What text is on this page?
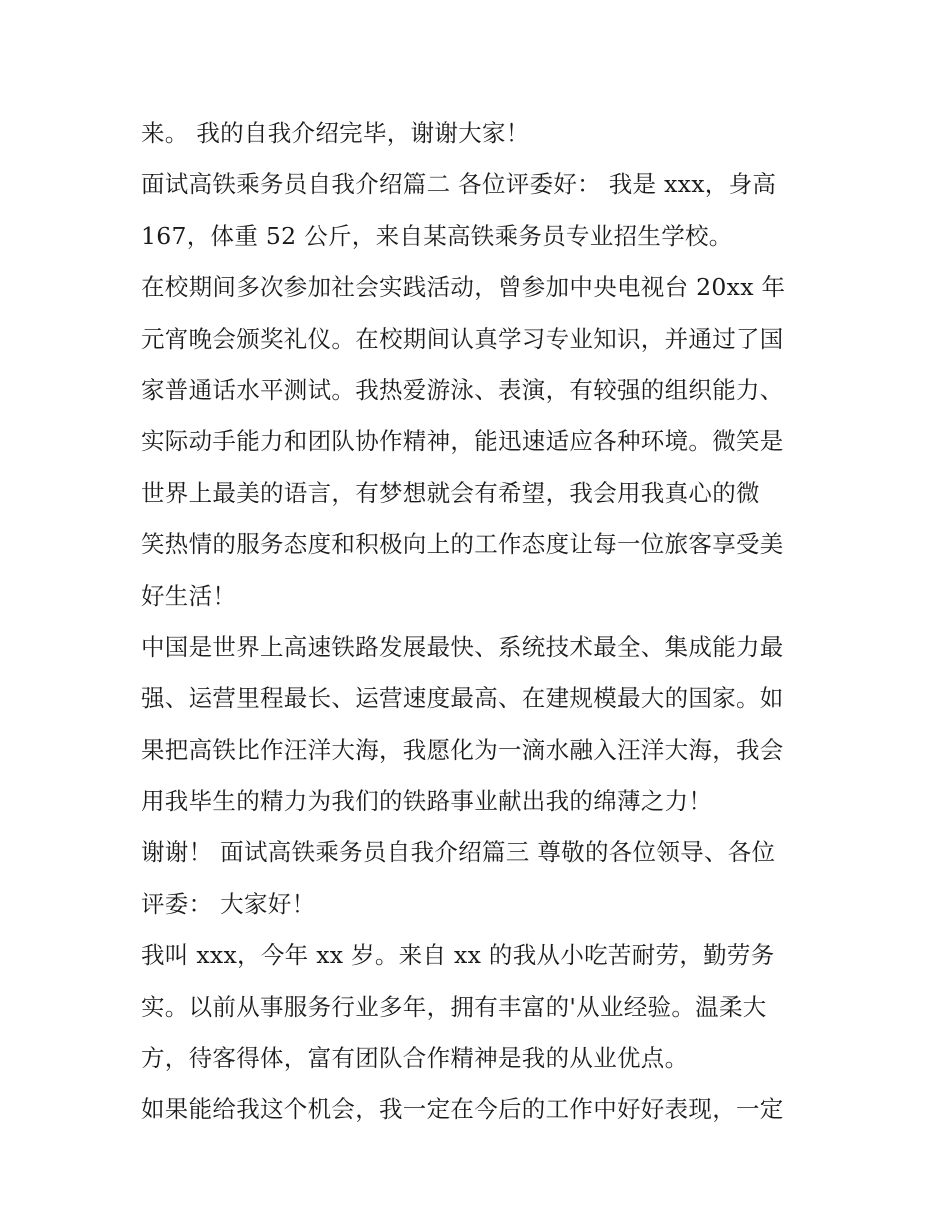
来。 我的自我介绍完毕，谢谢大家！
面试高铁乘务员自我介绍篇二 各位评委好： 我是 xxx，身高
167，体重 52 公斤，来自某高铁乘务员专业招生学校。
在校期间多次参加社会实践活动，曾参加中央电视台 20xx 年
元宵晚会颁奖礼仪。在校期间认真学习专业知识，并通过了国
家普通话水平测试。我热爱游泳、表演，有较强的组织能力、
实际动手能力和团队协作精神，能迅速适应各种环境。微笑是
世界上最美的语言，有梦想就会有希望，我会用我真心的微
笑热情的服务态度和积极向上的工作态度让每一位旅客享受美
好生活！
中国是世界上高速铁路发展最快、系统技术最全、集成能力最
强、运营里程最长、运营速度最高、在建规模最大的国家。如
果把高铁比作汪洋大海，我愿化为一滴水融入汪洋大海，我会
用我毕生的精力为我们的铁路事业献出我的绵薄之力！
谢谢！ 面试高铁乘务员自我介绍篇三 尊敬的各位领导、各位
评委： 大家好！
我叫 xxx，今年 xx 岁。来自 xx 的我从小吃苦耐劳，勤劳务
实。以前从事服务行业多年，拥有丰富的'从业经验。温柔大
方，待客得体，富有团队合作精神是我的从业优点。
如果能给我这个机会，我一定在今后的工作中好好表现，一定
